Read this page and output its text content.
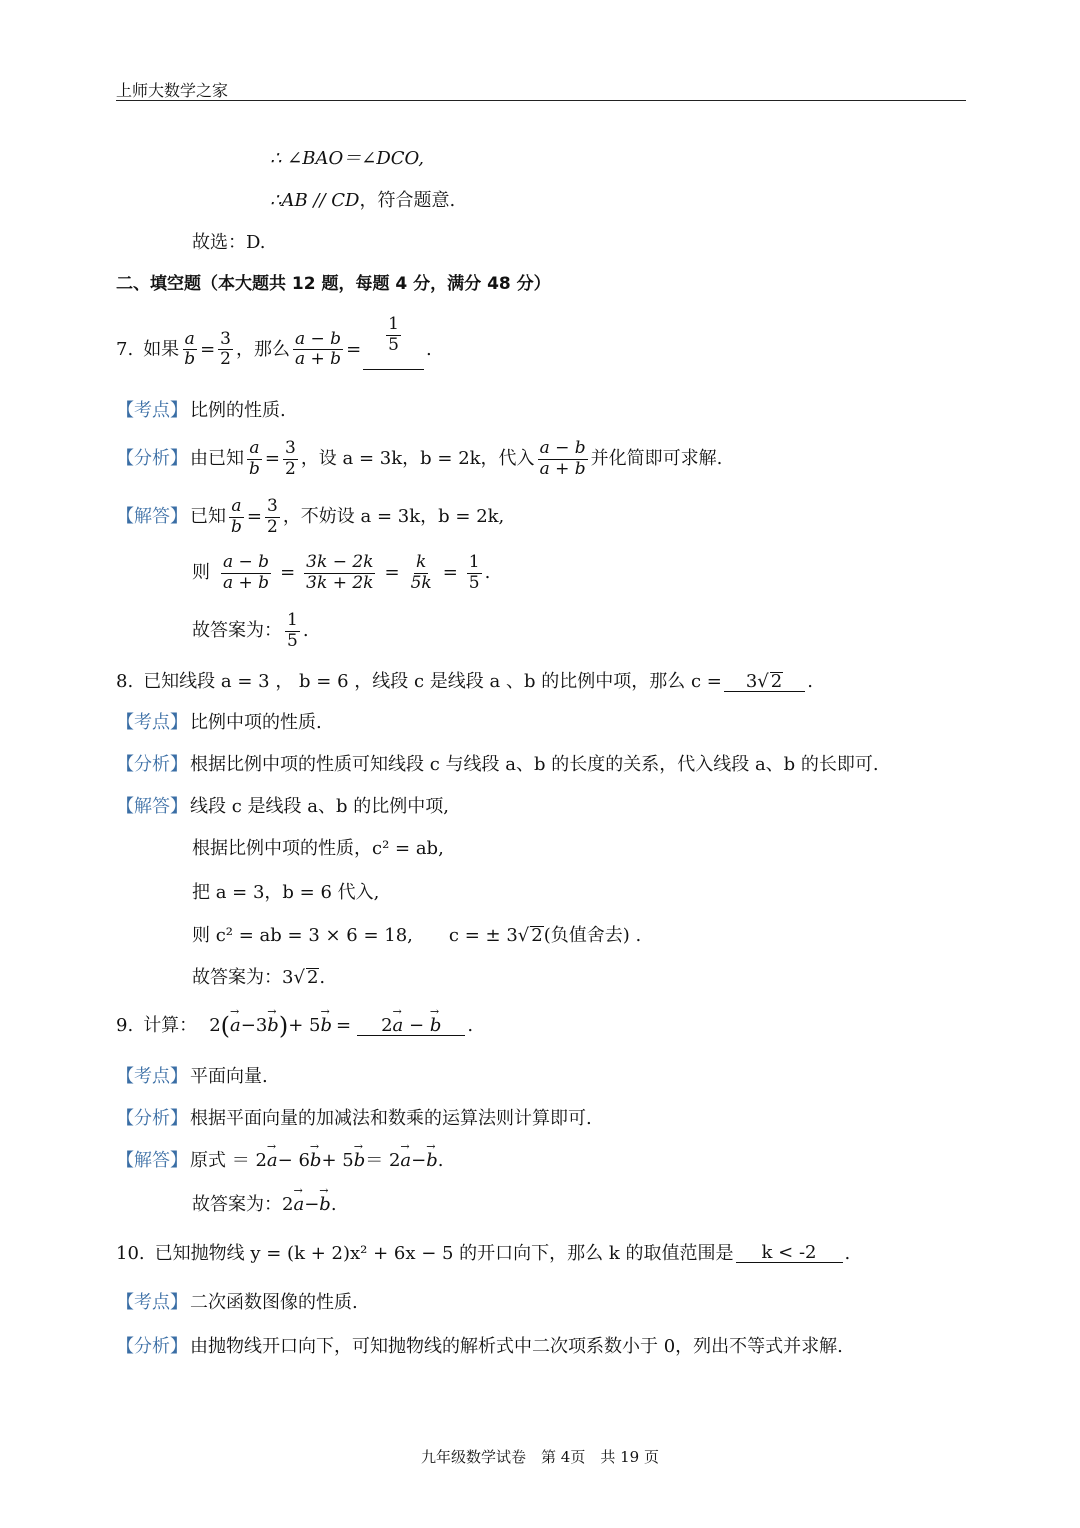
上师大数学之家
∴ ∠BAO＝∠DCO,
∴AB // CD ，符合题意.
故选：D.
二、填空题（本大题共 12 题，每题 4 分，满分 48 分）
7. 如果 $\frac{a}{b} = \frac{3}{2}$ ，那么 $\frac{a - b}{a + b} = \frac{1}{5}$ .
【考点】 比例的性质.
【分析】 由已知 $\frac{a}{b} = \frac{3}{2}$ ，设 a = 3k，b = 2k，代入 $\frac{a - b}{a + b}$ 并化简即可求解.
【解答】 已知 $\frac{a}{b} = \frac{3}{2}$ ，不妨设 a = 3k，b = 2k,
则 $\frac{a - b}{a + b} = \frac{3k - 2k}{3k + 2k} = \frac{k}{5k} = \frac{1}{5}$ .
故答案为： $\frac{1}{5}$ .
8. 已知线段 a = 3 ， b = 6 ，线段 c 是线段 a 、b 的比例中项，那么 c =	3√ 2 .
【考点】 比例中项的性质.
【分析】 根据比例中项的性质可知线段 c 与线段 a、b 的长度的关系，代入线段 a、b 的长即可.
【解答】 线段 c 是线段 a、b 的比例中项,
根据比例中项的性质，c² = ab,
把 a = 3，b = 6 代入,
则 c² = ab = 3 × 6 = 18,　　c = ± 3 √ 2 (负值舍去) .
故答案为：3 √ 2 .
9. 计算： 2 ( → a −3 → b ) + 5 → b =	2→ a − → b	.
【考点】 平面向量.
【分析】 根据平面向量的加减法和数乘的运算法则计算即可.
【解答】 原式 ＝ 2 → a − 6 → b + 5 → b ＝ 2 → a − → b .
故答案为：2 → a − → b .
10. 已知抛物线 y = (k + 2)x² + 6x − 5 的开口向下，那么 k 的取值范围是	k < -2	.
【考点】 二次函数图像的性质.
【分析】 由抛物线开口向下，可知抛物线的解析式中二次项系数小于 0，列出不等式并求解.
九年级数学试卷　第 4页　共 19 页
